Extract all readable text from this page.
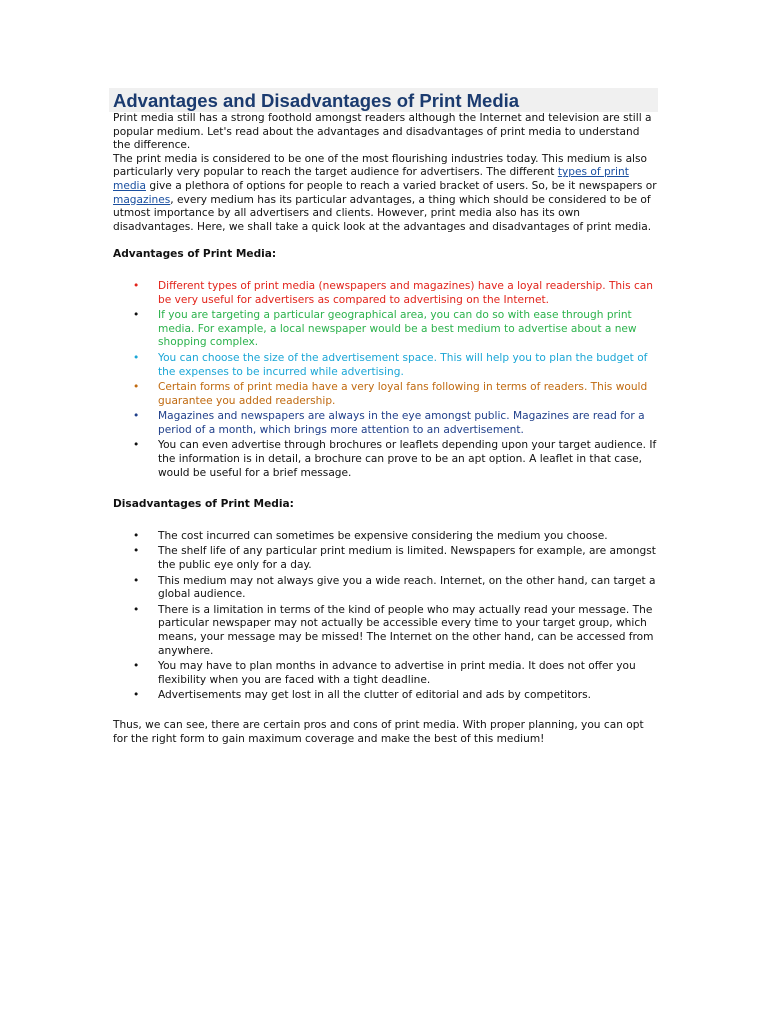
Advantages and Disadvantages of Print Media

Print media still has a strong foothold amongst readers although the Internet and television are still a popular medium. Let's read about the advantages and disadvantages of print media to understand the difference.

The print media is considered to be one of the most flourishing industries today. This medium is also particularly very popular to reach the target audience for advertisers. The different types of print media give a plethora of options for people to reach a varied bracket of users. So, be it newspapers or magazines, every medium has its particular advantages, a thing which should be considered to be of utmost importance by all advertisers and clients. However, print media also has its own disadvantages. Here, we shall take a quick look at the advantages and disadvantages of print media.

Advantages of Print Media:

• Different types of print media (newspapers and magazines) have a loyal readership. This can be very useful for advertisers as compared to advertising on the Internet.
• If you are targeting a particular geographical area, you can do so with ease through print media. For example, a local newspaper would be a best medium to advertise about a new shopping complex.
• You can choose the size of the advertisement space. This will help you to plan the budget of the expenses to be incurred while advertising.
• Certain forms of print media have a very loyal fans following in terms of readers. This would guarantee you added readership.
• Magazines and newspapers are always in the eye amongst public. Magazines are read for a period of a month, which brings more attention to an advertisement.
• You can even advertise through brochures or leaflets depending upon your target audience. If the information is in detail, a brochure can prove to be an apt option. A leaflet in that case, would be useful for a brief message.

Disadvantages of Print Media:

• The cost incurred can sometimes be expensive considering the medium you choose.
• The shelf life of any particular print medium is limited. Newspapers for example, are amongst the public eye only for a day.
• This medium may not always give you a wide reach. Internet, on the other hand, can target a global audience.
• There is a limitation in terms of the kind of people who may actually read your message. The particular newspaper may not actually be accessible every time to your target group, which means, your message may be missed! The Internet on the other hand, can be accessed from anywhere.
• You may have to plan months in advance to advertise in print media. It does not offer you flexibility when you are faced with a tight deadline.
• Advertisements may get lost in all the clutter of editorial and ads by competitors.

Thus, we can see, there are certain pros and cons of print media. With proper planning, you can opt for the right form to gain maximum coverage and make the best of this medium!
